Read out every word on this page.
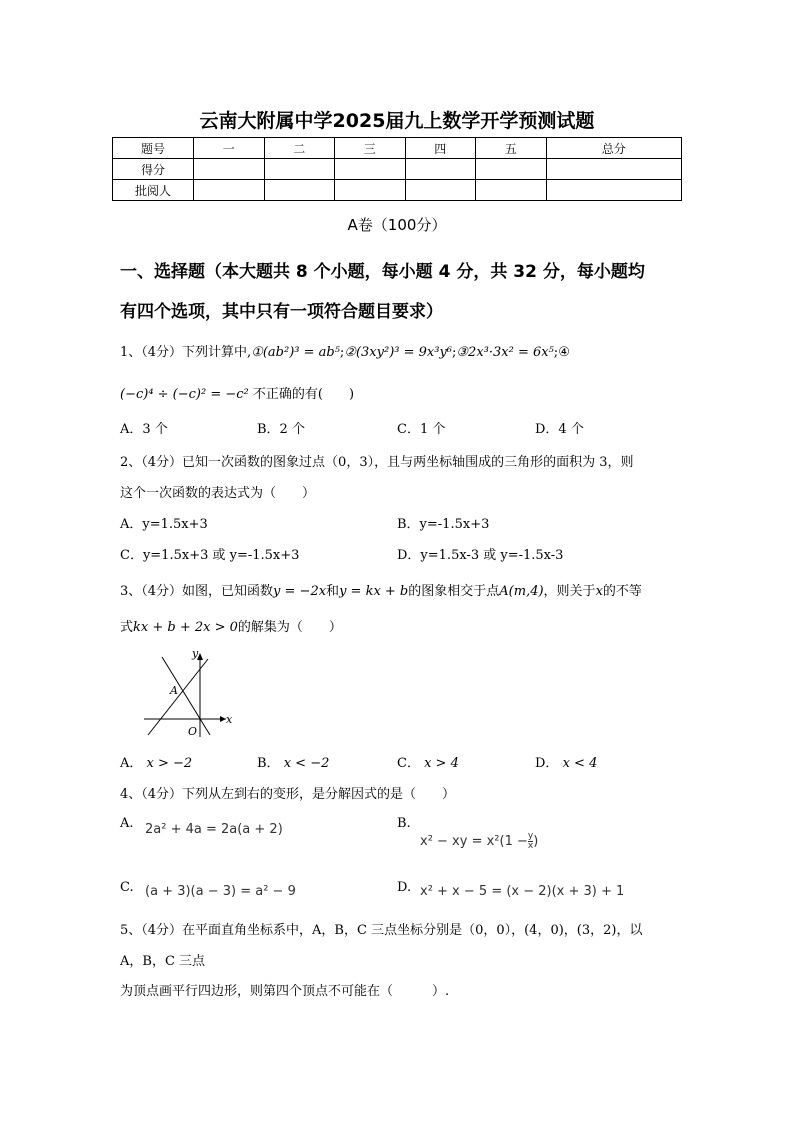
云南大附属中学2025届九上数学开学预测试题
题号	一	二	三	四	五	总分
得分						
批阅人						
A卷（100分）
一、选择题（本大题共 8 个小题，每小题 4 分，共 32 分，每小题均
有四个选项，其中只有一项符合题目要求）
1、（4分）下列计算中,①(ab²)³ = ab⁵;②(3xy²)³ = 9x³y⁶;③2x³·3x² = 6x⁵;④
(−c)⁴ ÷ (−c)² = −c² 不正确的有(　　)
A．3 个	B．2 个	C．1 个	D．4 个
2、（4分）已知一次函数的图象过点（0，3），且与两坐标轴围成的三角形的面积为 3，则
这个一次函数的表达式为（　　）
A．y=1.5x+3	B．y=-1.5x+3
C．y=1.5x+3 或 y=-1.5x+3	D．y=1.5x-3 或 y=-1.5x-3
3、（4分）如图，已知函数y = −2x和y = kx + b的图象相交于点A(m,4)，则关于x的不等
式kx + b + 2x > 0的解集为（　　）
y
x
A
O
A． x > −2	B． x < −2	C． x > 4	D． x < 4
4、（4分）下列从左到右的变形，是分解因式的是（　　）
A. 2a² + 4a = 2a(a + 2)	B.
x² − xy = $x^2(1 - \frac{y}{x}$ )
C. (a + 3)(a − 3) = a² − 9	D. x² + x − 5 = (x − 2)(x + 3) + 1
5、（4分）在平面直角坐标系中，A，B，C 三点坐标分别是（0，0），(4，0)，(3，2)，以
A，B，C 三点
为顶点画平行四边形，则第四个顶点不可能在（　　　）.
